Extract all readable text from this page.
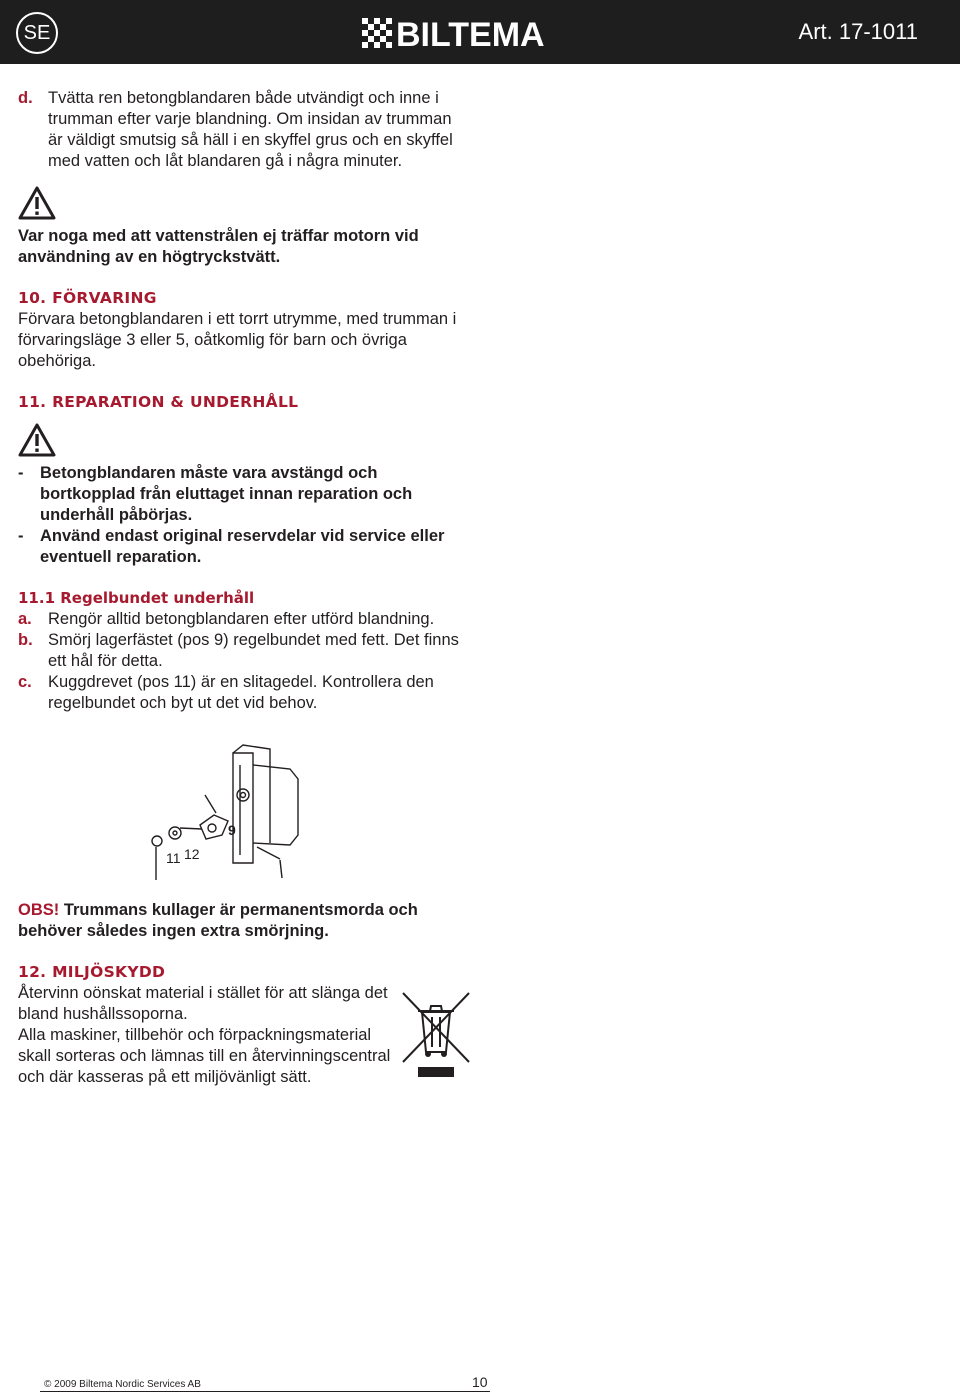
SE	BILTEMA	Art. 17-1011
d. Tvätta ren betongblandaren både utvändigt och inne i trumman efter varje blandning. Om insidan av trumman är väldigt smutsig så häll i en skyffel grus och en skyffel med vatten och låt blandaren gå i några minuter.
Var noga med att vattenstrålen ej träffar motorn vid användning av en högtryckstvätt.
10. FÖRVARING
Förvara betongblandaren i ett torrt utrymme, med trumman i förvaringsläge 3 eller 5, oåtkomlig för barn och övriga obehöriga.
11. REPARATION & UNDERHÅLL
- Betongblandaren måste vara avstängd och bortkopplad från eluttaget innan reparation och underhåll påbörjas.
- Använd endast original reservdelar vid service eller eventuell reparation.
11.1 Regelbundet underhåll
a. Rengör alltid betongblandaren efter utförd blandning.
b. Smörj lagerfästet (pos 9) regelbundet med fett. Det finns ett hål för detta.
c. Kuggdrevet (pos 11) är en slitagedel. Kontrollera den regelbundet och byt ut det vid behov.
9
11 12
OBS! Trummans kullager är permanentsmorda och behöver således ingen extra smörjning.
12. MILJÖSKYDD
Återvinn oönskat material i stället för att slänga det bland hushållssoporna.
Alla maskiner, tillbehör och förpackningsmaterial skall sorteras och lämnas till en återvinningscentral och där kasseras på ett miljövänligt sätt.
© 2009 Biltema Nordic Services AB	10
